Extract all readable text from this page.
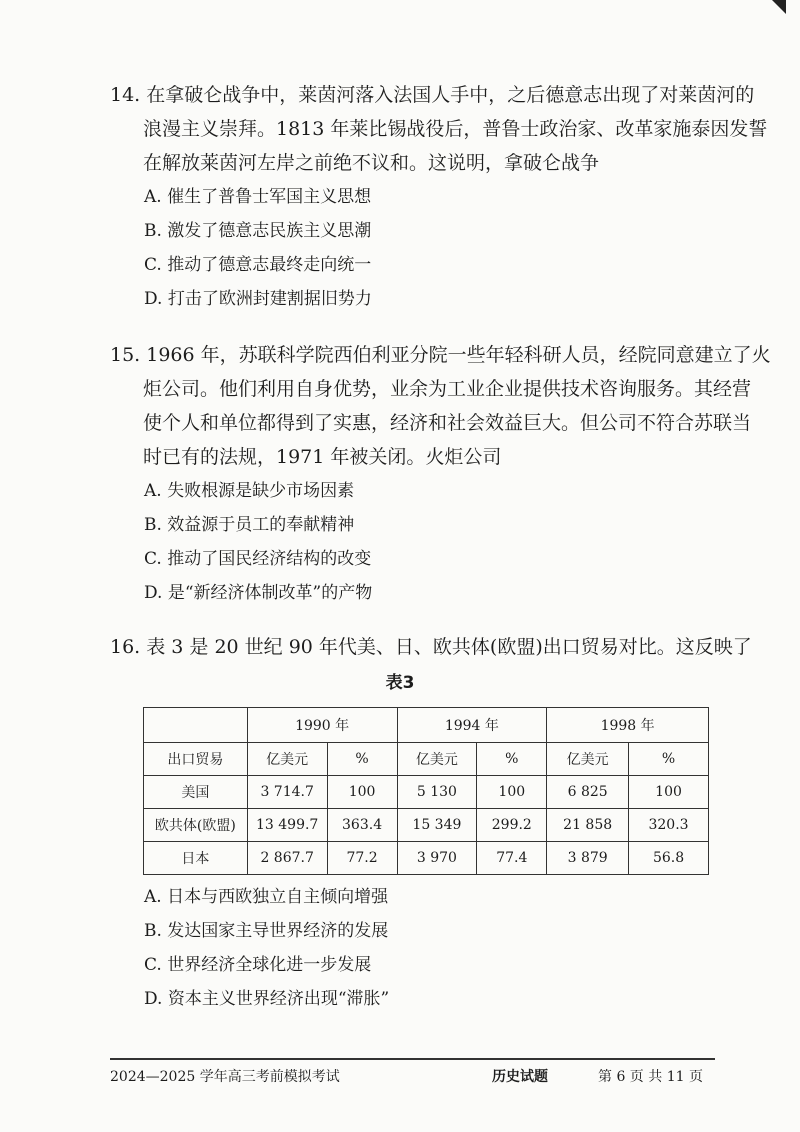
14. 在拿破仑战争中，莱茵河落入法国人手中，之后德意志出现了对莱茵河的
浪漫主义崇拜。1813 年莱比锡战役后，普鲁士政治家、改革家施泰因发誓
在解放莱茵河左岸之前绝不议和。这说明，拿破仑战争
A. 催生了普鲁士军国主义思想
B. 激发了德意志民族主义思潮
C. 推动了德意志最终走向统一
D. 打击了欧洲封建割据旧势力
15. 1966 年，苏联科学院西伯利亚分院一些年轻科研人员，经院同意建立了火
炬公司。他们利用自身优势，业余为工业企业提供技术咨询服务。其经营
使个人和单位都得到了实惠，经济和社会效益巨大。但公司不符合苏联当
时已有的法规，1971 年被关闭。火炬公司
A. 失败根源是缺少市场因素
B. 效益源于员工的奉献精神
C. 推动了国民经济结构的改变
D. 是“新经济体制改革”的产物
16. 表 3 是 20 世纪 90 年代美、日、欧共体(欧盟)出口贸易对比。这反映了
表3
	1990 年		1994 年		1998 年	
出口贸易	亿美元	%	亿美元	%	亿美元	%
美国	3 714.7	100	5 130	100	6 825	100
欧共体(欧盟)	13 499.7	363.4	15 349	299.2	21 858	320.3
日本	2 867.7	77.2	3 970	77.4	3 879	56.8
A. 日本与西欧独立自主倾向增强
B. 发达国家主导世界经济的发展
C. 世界经济全球化进一步发展
D. 资本主义世界经济出现“滞胀”
2024—2025 学年高三考前模拟考试	历史试题	第 6 页 共 11 页
